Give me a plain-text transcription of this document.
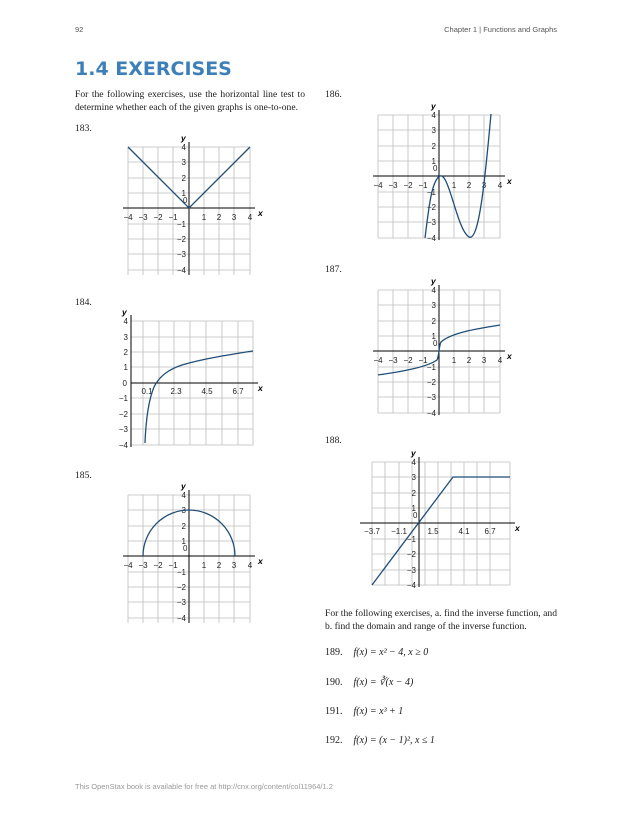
92	Chapter 1 | Functions and Graphs
1.4 EXERCISES
For the following exercises, use the horizontal line test to determine whether each of the given graphs is one-to-one.
183.
184.
185.
186.
187.
188.
x
y
0
−4 −3 −2 −1	1 2 3 4
4
3
2
1
−1
−2
−3
−4
x
y
0
0.1 2.3 4.5 6.7
4
3
2
1
−1
−2
−3
−4
x
y
0
−4 −3 −2 −1	1 2 3 4
4
3
2
1
−1
−2
−3
−4
x
y
0
−4 −3 −2 −1	1 2 3 4
4
3
2
1
−1
−2
−3
−4
x
y
0
−4 −3 −2 −1	1 2 3 4
4
3
2
1
−1
−2
−3
−4
x
y
0
−3.7 −1.1	1.5 4.1 6.7
4
3
2
1
−1
−2
−3
−4
For the following exercises, a. find the inverse function, and b. find the domain and range of the inverse function.
189. f(x) = x² − 4, x ≥ 0
190. f(x) = ∛(x − 4)
191. f(x) = x³ + 1
192. f(x) = (x − 1)², x ≤ 1
This OpenStax book is available for free at http://cnx.org/content/col11964/1.2
